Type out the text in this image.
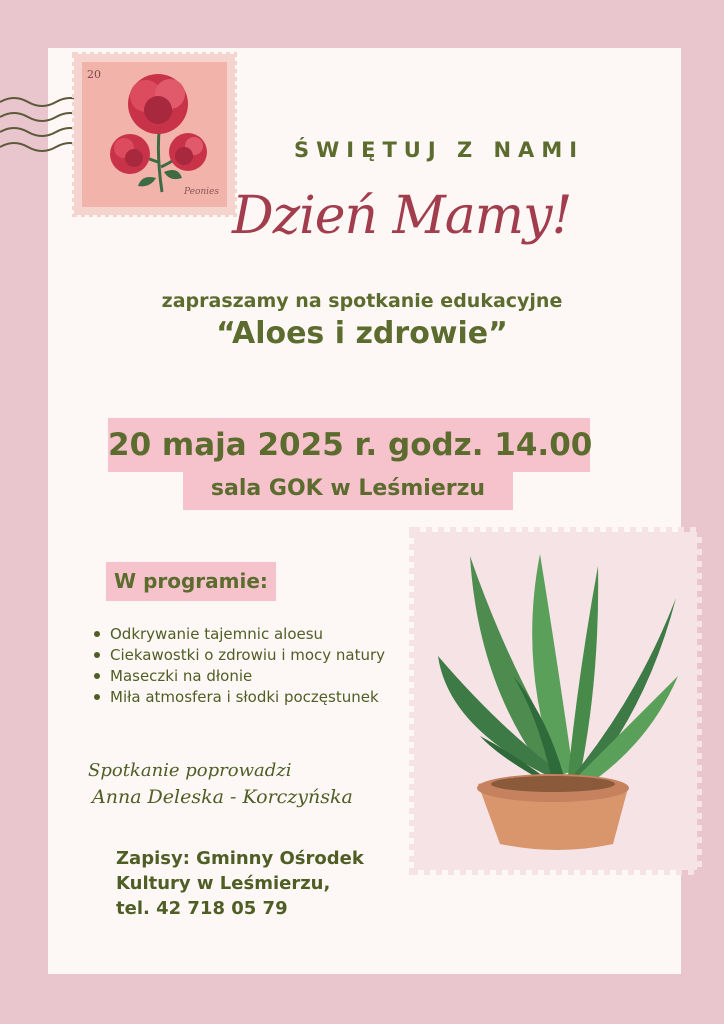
20
Peonies
ŚWIĘTUJ Z NAMI
Dzień Mamy!
zapraszamy na spotkanie edukacyjne
“Aloes i zdrowie”
20 maja 2025 r. godz. 14.00
sala GOK w Leśmierzu
W programie:
Odkrywanie tajemnic aloesu
Ciekawostki o zdrowiu i mocy natury
Maseczki na dłonie
Miła atmosfera i słodki poczęstunek
Spotkanie poprowadzi
Anna Deleska - Korczyńska
Zapisy: Gminny Ośrodek
Kultury w Leśmierzu,
tel. 42 718 05 79
